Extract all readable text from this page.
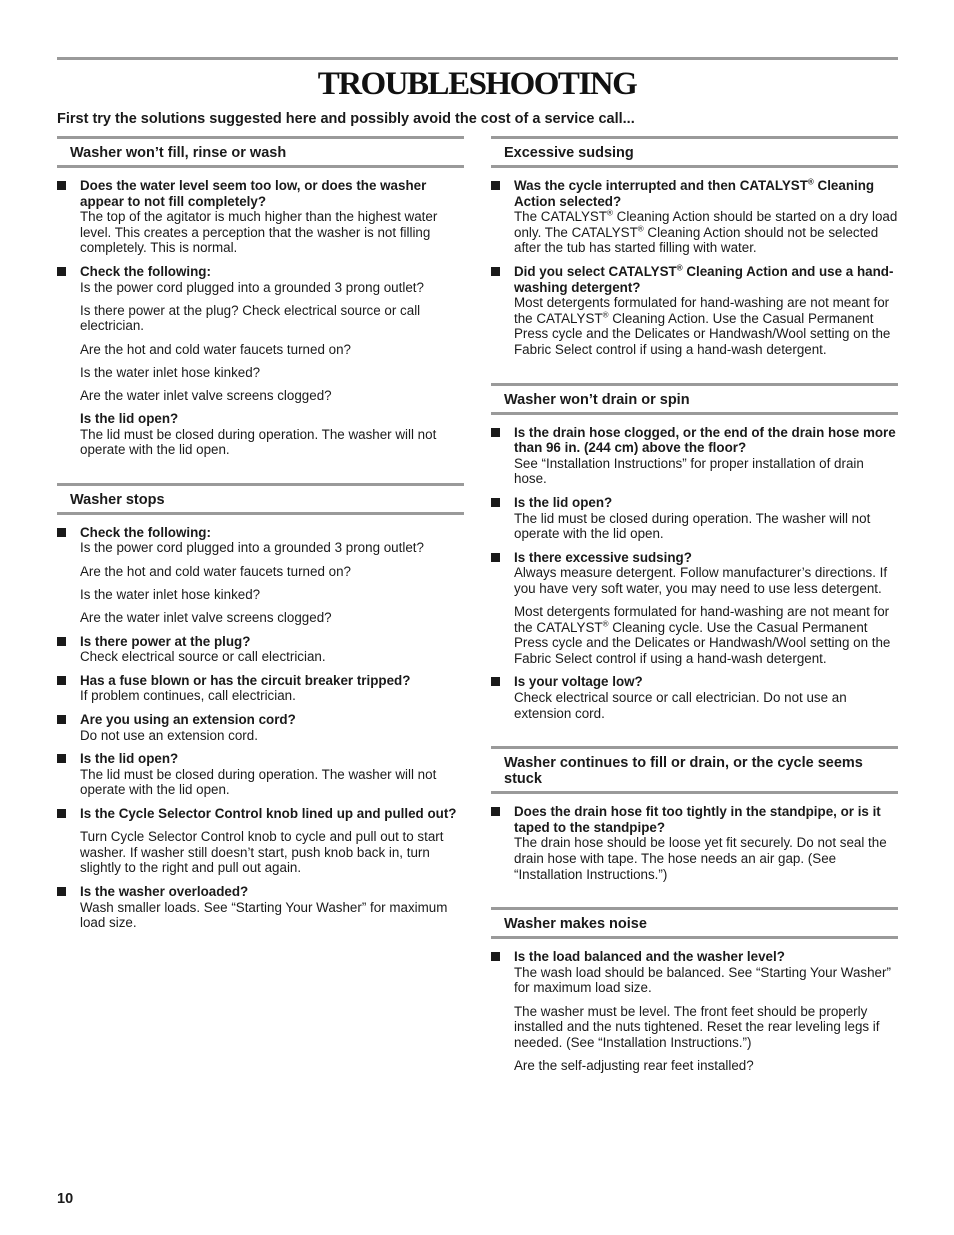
TROUBLESHOOTING

First try the solutions suggested here and possibly avoid the cost of a service call...

Washer won’t fill, rinse or wash
Does the water level seem too low, or does the washer appear to not fill completely?
The top of the agitator is much higher than the highest water level. This creates a perception that the washer is not filling completely. This is normal.
Check the following:
Is the power cord plugged into a grounded 3 prong outlet?
Is there power at the plug? Check electrical source or call electrician.
Are the hot and cold water faucets turned on?
Is the water inlet hose kinked?
Are the water inlet valve screens clogged?
Is the lid open?
The lid must be closed during operation. The washer will not operate with the lid open.
Washer stops
Check the following:
Is the power cord plugged into a grounded 3 prong outlet?
Are the hot and cold water faucets turned on?
Is the water inlet hose kinked?
Are the water inlet valve screens clogged?
Is there power at the plug?
Check electrical source or call electrician.
Has a fuse blown or has the circuit breaker tripped?
If problem continues, call electrician.
Are you using an extension cord?
Do not use an extension cord.
Is the lid open?
The lid must be closed during operation. The washer will not operate with the lid open.
Is the Cycle Selector Control knob lined up and pulled out?
Turn Cycle Selector Control knob to cycle and pull out to start washer. If washer still doesn’t start, push knob back in, turn slightly to the right and pull out again.
Is the washer overloaded?
Wash smaller loads. See “Starting Your Washer” for maximum load size.
Excessive sudsing
Was the cycle interrupted and then CATALYST® Cleaning Action selected?
The CATALYST® Cleaning Action should be started on a dry load only. The CATALYST® Cleaning Action should not be selected after the tub has started filling with water.
Did you select CATALYST® Cleaning Action and use a hand-washing detergent?
Most detergents formulated for hand-washing are not meant for the CATALYST® Cleaning Action. Use the Casual Permanent Press cycle and the Delicates or Handwash/Wool setting on the Fabric Select control if using a hand-wash detergent.
Washer won’t drain or spin
Is the drain hose clogged, or the end of the drain hose more than 96 in. (244 cm) above the floor?
See “Installation Instructions” for proper installation of drain hose.
Is the lid open?
The lid must be closed during operation. The washer will not operate with the lid open.
Is there excessive sudsing?
Always measure detergent. Follow manufacturer’s directions. If you have very soft water, you may need to use less detergent.
Most detergents formulated for hand-washing are not meant for the CATALYST® Cleaning cycle. Use the Casual Permanent Press cycle and the Delicates or Handwash/Wool setting on the Fabric Select control if using a hand-wash detergent.
Is your voltage low?
Check electrical source or call electrician. Do not use an extension cord.
Washer continues to fill or drain, or the cycle seems stuck
Does the drain hose fit too tightly in the standpipe, or is it taped to the standpipe?
The drain hose should be loose yet fit securely. Do not seal the drain hose with tape. The hose needs an air gap. (See “Installation Instructions.”)
Washer makes noise
Is the load balanced and the washer level?
The wash load should be balanced. See “Starting Your Washer” for maximum load size.
The washer must be level. The front feet should be properly installed and the nuts tightened. Reset the rear leveling legs if needed. (See “Installation Instructions.”)
Are the self-adjusting rear feet installed?

10
